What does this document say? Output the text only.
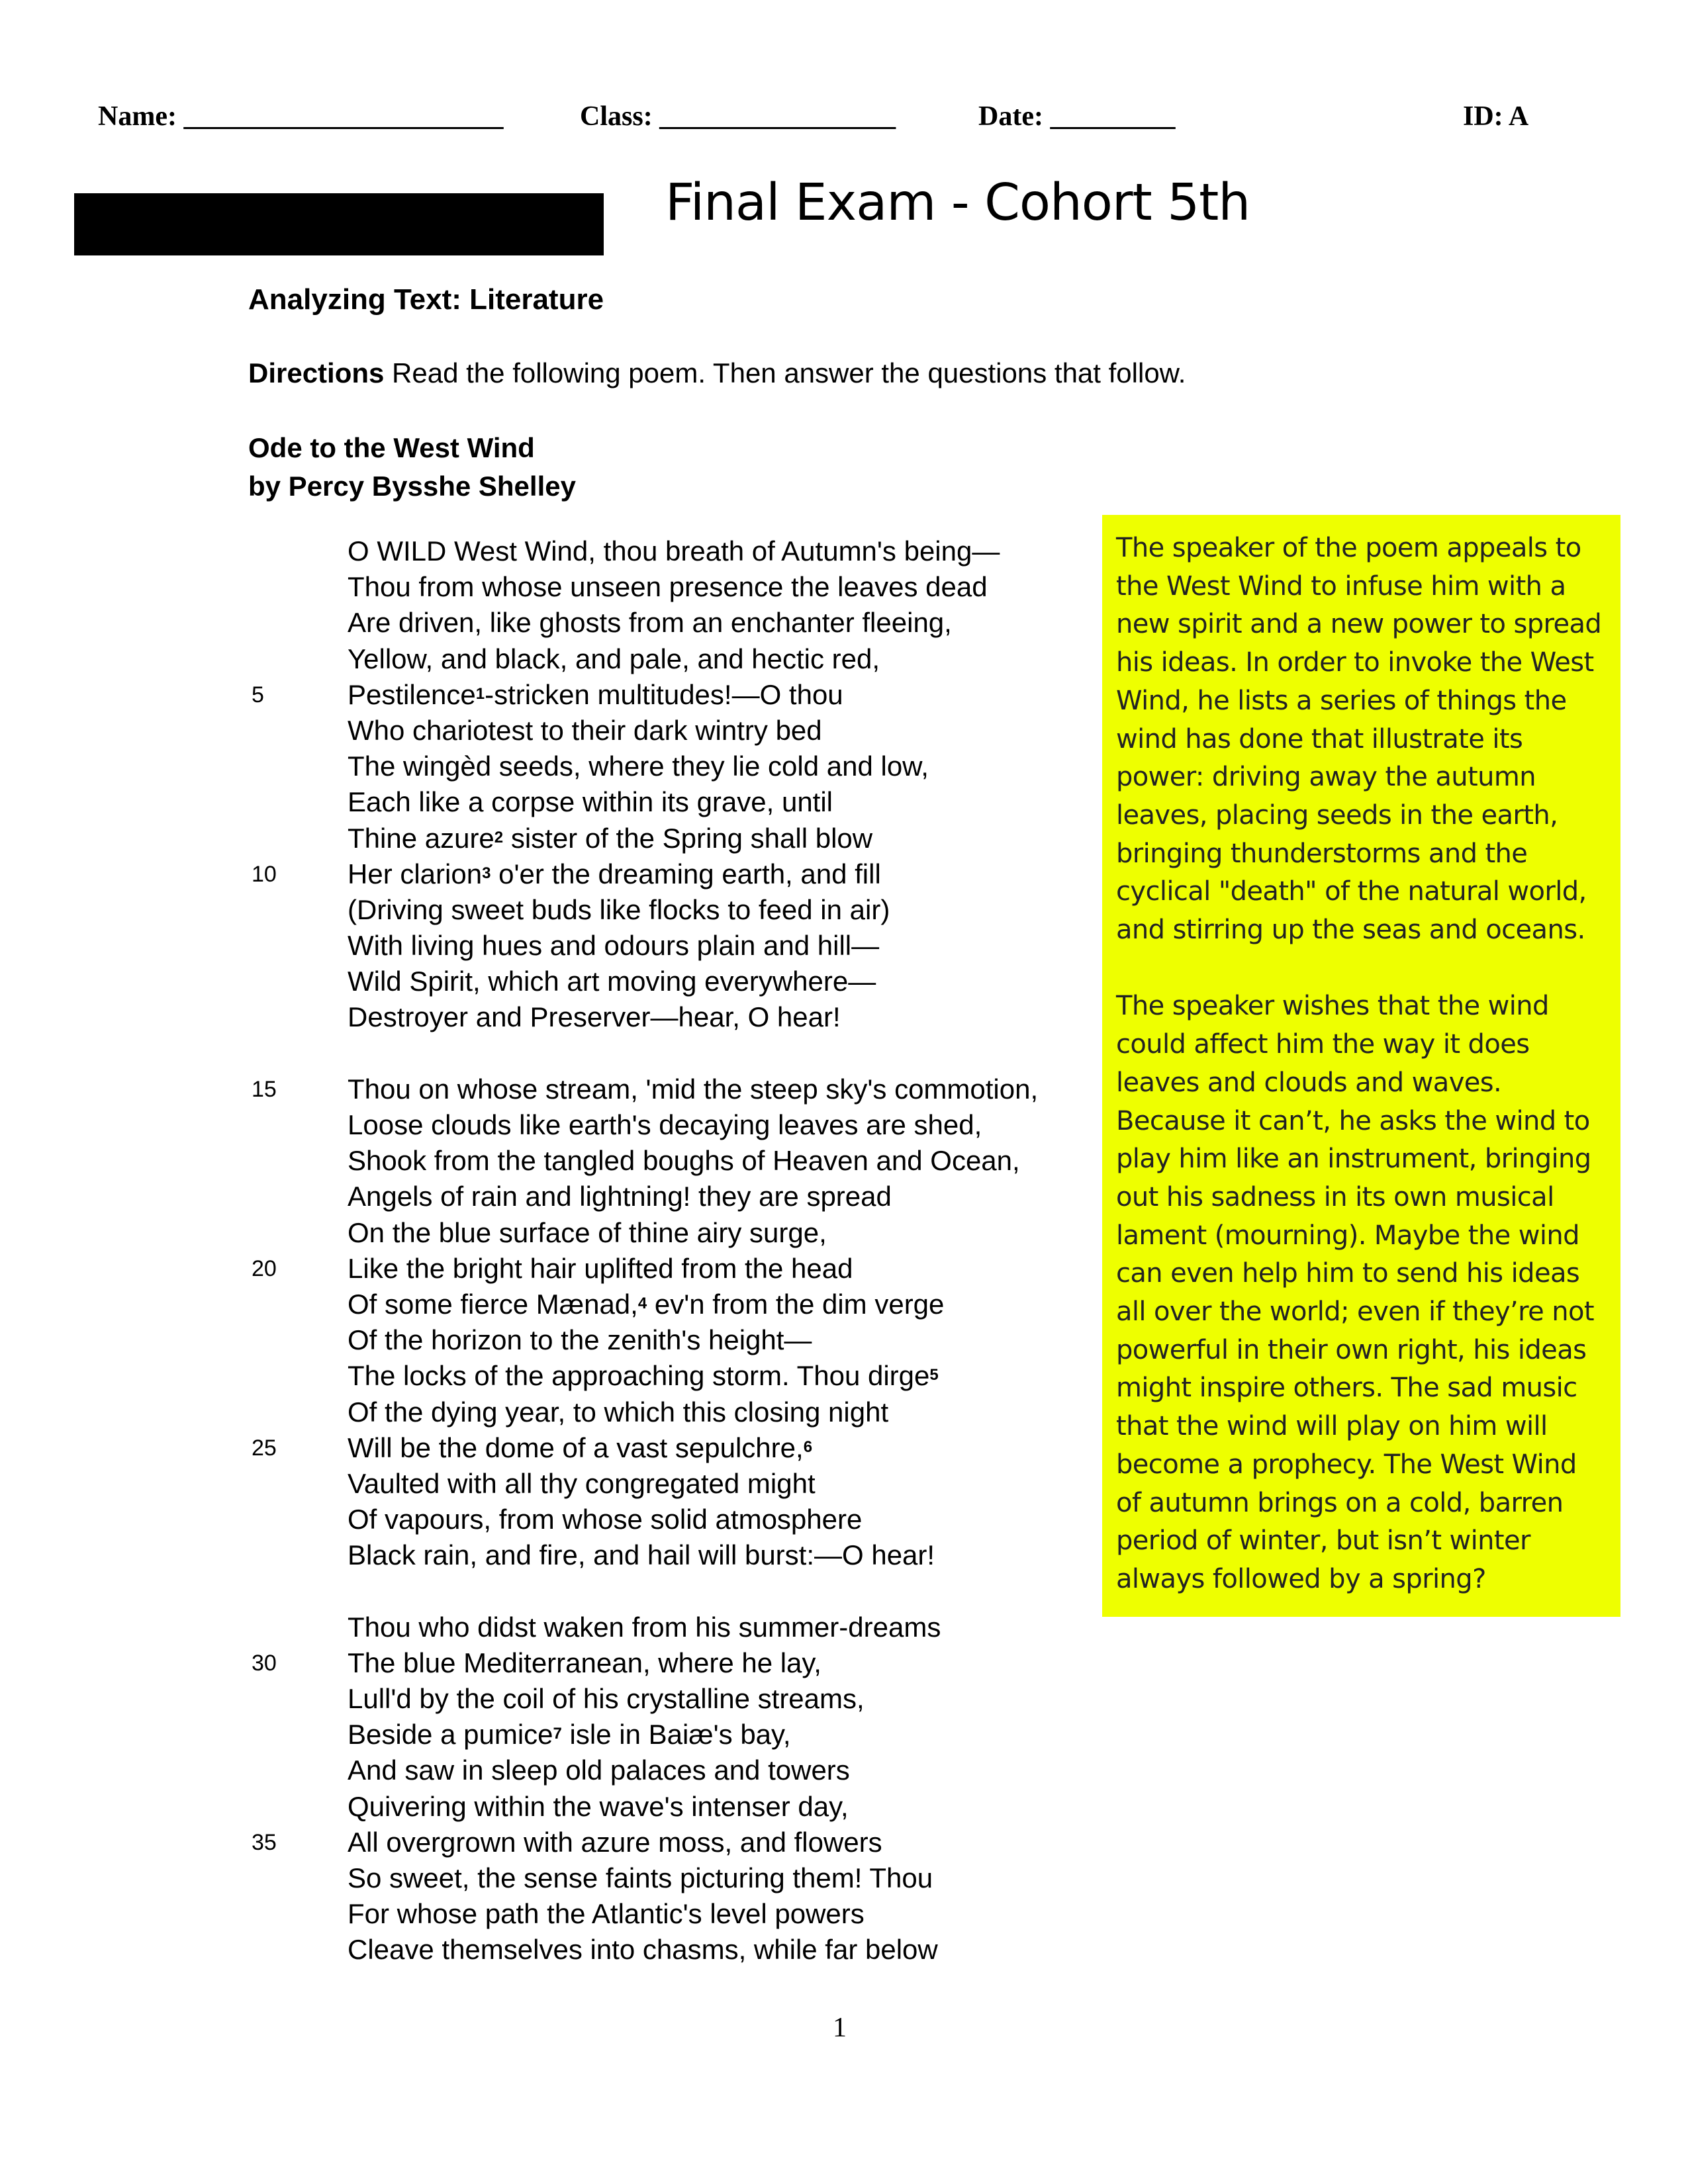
Name: _______________________	Class: _________________	Date: _________	ID: A
Final Exam - Cohort 5th
Analyzing Text: Literature
Directions Read the following poem. Then answer the questions that follow.
Ode to the West Wind
by Percy Bysshe Shelley
O WILD West Wind, thou breath of Autumn's being—
Thou from whose unseen presence the leaves dead
Are driven, like ghosts from an enchanter fleeing,
Yellow, and black, and pale, and hectic red,
5	Pestilence$^1$-stricken multitudes!—O thou
Who chariotest to their dark wintry bed
The wingèd seeds, where they lie cold and low,
Each like a corpse within its grave, until
Thine azure$^2$ sister of the Spring shall blow
10	Her clarion$^3$ o'er the dreaming earth, and fill
(Driving sweet buds like flocks to feed in air)
With living hues and odours plain and hill—
Wild Spirit, which art moving everywhere—
Destroyer and Preserver—hear, O hear!
15	Thou on whose stream, 'mid the steep sky's commotion,
Loose clouds like earth's decaying leaves are shed,
Shook from the tangled boughs of Heaven and Ocean,
Angels of rain and lightning! they are spread
On the blue surface of thine airy surge,
20	Like the bright hair uplifted from the head
Of some fierce Mænad,$^4$ ev'n from the dim verge
Of the horizon to the zenith's height—
The locks of the approaching storm. Thou dirge$^5$
Of the dying year, to which this closing night
25	Will be the dome of a vast sepulchre,$^6$
Vaulted with all thy congregated might
Of vapours, from whose solid atmosphere
Black rain, and fire, and hail will burst:—O hear!
Thou who didst waken from his summer-dreams
30	The blue Mediterranean, where he lay,
Lull'd by the coil of his crystalline streams,
Beside a pumice$^7$ isle in Baiæ's bay,
And saw in sleep old palaces and towers
Quivering within the wave's intenser day,
35	All overgrown with azure moss, and flowers
So sweet, the sense faints picturing them! Thou
For whose path the Atlantic's level powers
Cleave themselves into chasms, while far below

The speaker of the poem appeals to the West Wind to infuse him with a new spirit and a new power to spread his ideas. In order to invoke the West Wind, he lists a series of things the wind has done that illustrate its power: driving away the autumn leaves, placing seeds in the earth, bringing thunderstorms and the cyclical "death" of the natural world, and stirring up the seas and oceans.

The speaker wishes that the wind could affect him the way it does leaves and clouds and waves. Because it can’t, he asks the wind to play him like an instrument, bringing out his sadness in its own musical lament (mourning). Maybe the wind can even help him to send his ideas all over the world; even if they’re not powerful in their own right, his ideas might inspire others. The sad music that the wind will play on him will become a prophecy. The West Wind of autumn brings on a cold, barren period of winter, but isn’t winter always followed by a spring?

1
